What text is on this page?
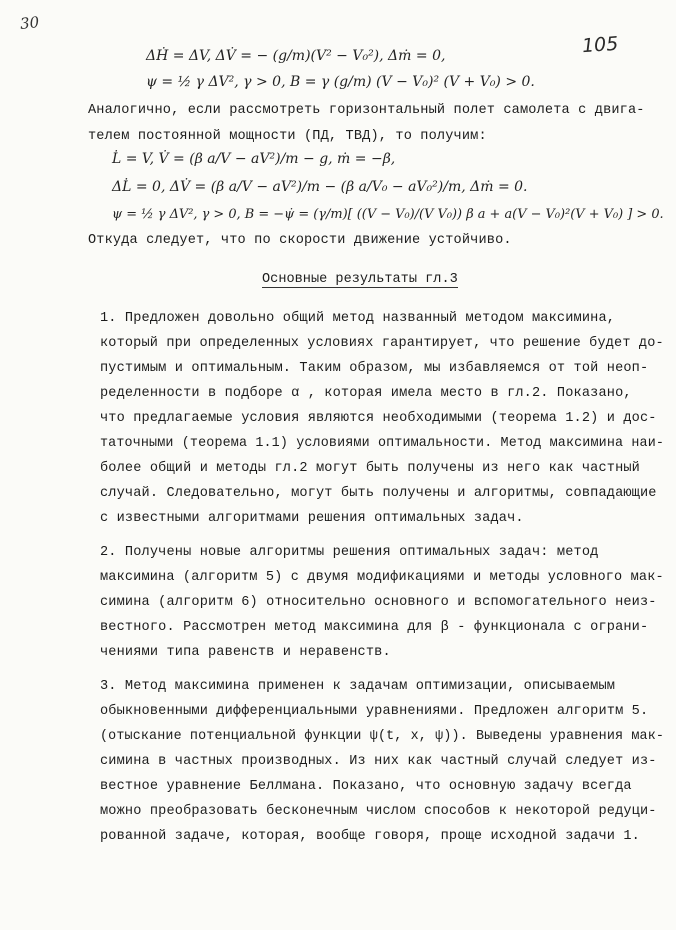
30
105
ΔḢ = ΔV, ΔV̇ = − (g/m)(V² − V₀²), Δṁ = 0,
ψ = ½ γ ΔV², γ > 0, B = γ (g/m) (V − V₀)² (V + V₀) > 0.
Аналогично, если рассмотреть горизонтальный полет самолета с двига-
телем постоянной мощности (ПД, ТВД), то получим:
L̇ = V, V̇ = (β a/V − aV²)/m − g, ṁ = −β,
ΔL̇ = 0, ΔV̇ = (β a/V − aV²)/m − (β a/V₀ − aV₀²)/m, Δṁ = 0.
ψ = ½ γ ΔV², γ > 0, B = −ψ̇ = (γ/m)[ ((V − V₀)/(V V₀)) β a + a(V − V₀)²(V + V₀) ] > 0.
Откуда следует, что по скорости движение устойчиво.
Основные результаты гл.3
1. Предложен довольно общий метод названный методом максимина,
который при определенных условиях гарантирует, что решение будет до-
пустимым и оптимальным. Таким образом, мы избавляемся от той неоп-
ределенности в подборе α , которая имела место в гл.2. Показано,
что предлагаемые условия являются необходимыми (теорема 1.2) и дос-
таточными (теорема 1.1) условиями оптимальности. Метод максимина наи-
более общий и методы гл.2 могут быть получены из него как частный
случай. Следовательно, могут быть получены и алгоритмы, совпадающие
с известными алгоритмами решения оптимальных задач.
2. Получены новые алгоритмы решения оптимальных задач: метод
максимина (алгоритм 5) с двумя модификациями и методы условного мак-
симина (алгоритм 6) относительно основного и вспомогательного неиз-
вестного. Рассмотрен метод максимина для β - функционала с ограни-
чениями типа равенств и неравенств.
3. Метод максимина применен к задачам оптимизации, описываемым
обыкновенными дифференциальными уравнениями. Предложен алгоритм 5.
(отыскание потенциальной функции ψ(t, x, ψ)). Выведены уравнения мак-
симина в частных производных. Из них как частный случай следует из-
вестное уравнение Беллмана. Показано, что основную задачу всегда
можно преобразовать бесконечным числом способов к некоторой редуци-
рованной задаче, которая, вообще говоря, проще исходной задачи 1.
